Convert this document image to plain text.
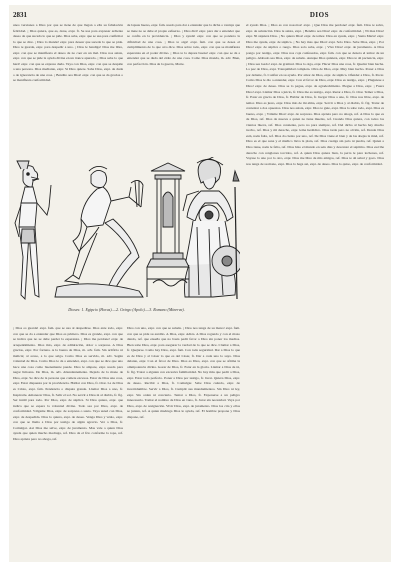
2831	DIOS

unos versiones a Dios por que se tiene de que llegan a ella su fabulación felicidad. ¡ Dios quiera, que es, done, expr. fr. Se usa para expresar ardiente deseo de que suceda lo que se pide. Dios sabe, expr. que se usa para confirmar lo que se dice. ¡ Dios lo mande! expr. para desear que suceda lo que se pide. Dios te guarde, expr. para despedir a uno. ¡ Dios le bendiga! Dios me libre, expr. con que se manifiesta el deseo de no caer en un mal. Dios nos asista, expr. con que se pide la ayuda divina en un trance apurado. ¡ Dios sabe lo que hará! expr. con que se expresa duda. Vaya con Dios, expr. con que se despide a una persona. Dios mediante, expr. Si Dios quiere. Sabe Dios, expr. de duda o de ignorancia de una cosa. ¡ Bendito sea Dios! expr. con que se da gracias o se manifiesta conformidad.

de lapsus bueno, expr. fam. usado para dar a entender que la dicha o ventaja que se tiene no se debe al propio esfuerzo. ¡ Dios dirá! expr. para dar a entender que se confía en la providencia. ¡ Dios y ayuda! expr. con que se pondera la dificultad de una cosa. ¡ Dios te oiga! expr. fam. con que se desea el cumplimiento de lo que otro dice. Dios sobre todo, expr. con que se manifiesta esperanza en el poder divino. ¡ Dios te la depare buena! expr. con que se da a entender que se duda del éxito de una cosa. Como Dios manda, m. adv. Bien, con perfección. Dios de la guerra, Marte.

Dioses: 1. Egipcio (Horus).—2. Griego (Apolo).—3. Romano (Minerva).

¡ Dios os guarde! expr. fam. que se usa al despedirse. Dios ante todo, expr. con que se da a entender que Dios es primero. Dios es grande, expr. con que se indica que no se debe perder la esperanza. ¡ Dios me perdone! expr. de arrepentimiento. Dios mío, expr. de admiración, dolor o sorpresa. A Dios gracias, expr. Por fortuna. A la buena de Dios, m. adv. fam. Sin artificio ni malicia; al acaso, a lo que salga. Como Dios es servido, m. adv. Según voluntad de Dios. Como Dios le da a entender, expr. con que se dice que uno hace una cosa como buenamente puede. Dios le ampare, expr. usada para negar limosna. De Dios, m. adv. Abundantemente. Dejado de la mano de Dios, expr. Se dice de la persona que comete excesos. Estar de Dios una cosa, expr. Estar dispuesta por la providencia. Hablar con Dios, fr. Orar. La de Dios es Cristo, expr. fam. Pendencia o disputa grande. Llamar Dios a uno, fr. Inspirarle. Amanecer Dios, fr. Salir el sol. No servir a Dios ni al diablo, fr. fig. Ser inútil para todo. Por Dios, expr. de súplica. Si Dios quiere, expr. que indica que se espera la voluntad divina. Todo sea por Dios, expr. de conformidad. Válgame Dios, expr. de sorpresa o susto. Vaya usted con Dios, expr. de despedida. Dios lo quiera, expr. de deseo. Venga Dios y véalo, expr. con que se llama a Dios por testigo de algún agravio. Ver a Dios, fr. Comulgar. Así Dios me salve, expr. de juramento. Mas vale a quien Dios ayuda que quien mucho madruga, ref. Dios da el frío conforme la ropa, ref. Dios aprieta pero no ahoga, ref.

Dios con uno, expr. con que se saluda. ¡ Dios nos tenga de su mano! expr. fam. con que se pide su auxilio. A Dios, expr. Adiós. A Dios rogando y con el mazo dando, ref. que enseña que no basta pedir favor a Dios sin poner los medios. Bien sabe Dios, expr. para asegurar la verdad de lo que se dice. Clamar a Dios, fr. Quejarse. Como hay Dios, expr. fam. Con toda seguridad. Dar a Dios lo que es de Dios y al César lo que es del César, fr. Dar a cada uno lo suyo. Dios delante, expr. Con el favor de Dios. Dios es Dios, expr. con que se afirma la omnipotencia divina. Gozar de Dios, fr. Estar en la gloria. Llamar a Dios de tú, fr. fig. Tratar a alguien con excesiva familiaridad. No hay más que pedir a Dios, expr. Estar todo perfecto. Poner a Dios por testigo, fr. Jurar. Quiera Dios, expr. de deseo. Recibir a Dios, fr. Comulgar. Sabe Dios cuándo, expr. de incertidumbre. Servir a Dios, fr. Cumplir sus mandamientos. Sin Dios ni ley, expr. Sin orden ni concierto. Tentar a Dios, fr. Exponerse a un peligro innecesario. Tomar el nombre de Dios en vano, fr. Jurar sin necesidad. Vaya por Dios, expr. de resignación. Vivir Dios, expr. de juramento. Dios los cría y ellos se juntan, ref. A quien madruga Dios le ayuda, ref. El hombre propone y Dios dispone, ref.

el ayudo Dios. ¡ Dios es con nosotros! expr. ¡ Que Dios me perdone! expr. fam. Dios te salve, expr. de salutación. Dios le asista, expr. ¡ Bendito sea Dios! expr. de conformidad. ¡ Ni mas Dios! expr. Ni siquiera Dios. ¡ No quiera Dios! expr. de temor. Dios en ayuda, expr. ¡ Santa Maria! expr. Dios me ayude, expr. de súplica. ¡ No hay mas que Dios! expr. Solo Dios. Sabe Dios, expr. ¡ Por Dios! expr. de súplica o ruego. Dios solo sabe, expr. ¡ Vive Dios! expr. de juramento. A Dios pongo por testigo, expr. Dios nos coja confesados, expr. fam. con que se denota el temor de un peligro. Alabado sea Dios, expr. de saludo. Aunque Dios quisiera, expr. Dios te dé paciencia, expr. ¡ Dios sea loado! expr. de gratitud. Dios lo oiga, expr. Hacer Dios una cosa, fr. Quedar bien hecha. La paz de Dios, expr. Tranquilidad completa. Obra de Dios, expr. Muy bien hecho. Poner a Dios por delante, fr. Confiar en su ayuda. Por amor de Dios, expr. de súplica. Ofender a Dios, fr. Pecar. Como Dios le dio a entender, expr. Con el favor de Dios, expr. Dios es testigo, expr. ¡ Pluguiese a Dios! expr. de deseo. Dios se lo pague, expr. de agradecimiento. Plegue a Dios, expr. ¡ Fuera Dios! expr. Llamar Dios a juicio, fr. Dios me es testigo, expr. Rezar a Dios, fr. Orar. Temer a Dios, fr. Estar en gracia de Dios, fr. Hablar de Dios, fr. Juzgar Dios a uno, fr. Dios nos libre, expr. de temor. Dios es justo, expr. Dios mío de mi alma, expr. Servir a Dios y al diablo, fr. fig. Tratar de contentar a dos opuestos. Dios nos asista, expr. Dios te guíe, expr. Dios lo sabe todo, expr. Dios es bueno, expr. ¡ Válame Dios! expr. de sorpresa. Dios aprieta pero no ahoga, ref. A Dios lo que es de Dios, ref. Dios da nueces a quien no tiene muelas, ref. Cuando Dios quiere, con todos los vientos llueve, ref. Dios consiente, pero no para siempre, ref. Del dicho al hecho hay mucho trecho, ref. Dios y mi derecho, expr. lema heráldico. Dios tarda pero no olvida, ref. Donde Dios está, nada falta, ref. Dios da ciento por uno, ref. De Dios viene el bien y de las abejas la miel, ref. Dios es el que sana y el médico lleva la plata, ref. Dios castiga sin palo ni piedra, ref. Quien a Dios tiene, nada le falta, ref. Dios hizo el mundo en seis días y descansó el séptimo. Dios escribe derecho con renglones torcidos, ref. A quien Dios quiere bien, la perra le pare lechones, ref. Vayase lo uno por lo otro, expr. Dios me libre de mis amigos, ref. Dios te dé salud y gozo. Dios nos tenga de su mano, expr. Dios lo haga así, expr. de deseo. Dios lo quiso, expr. de conformidad.
